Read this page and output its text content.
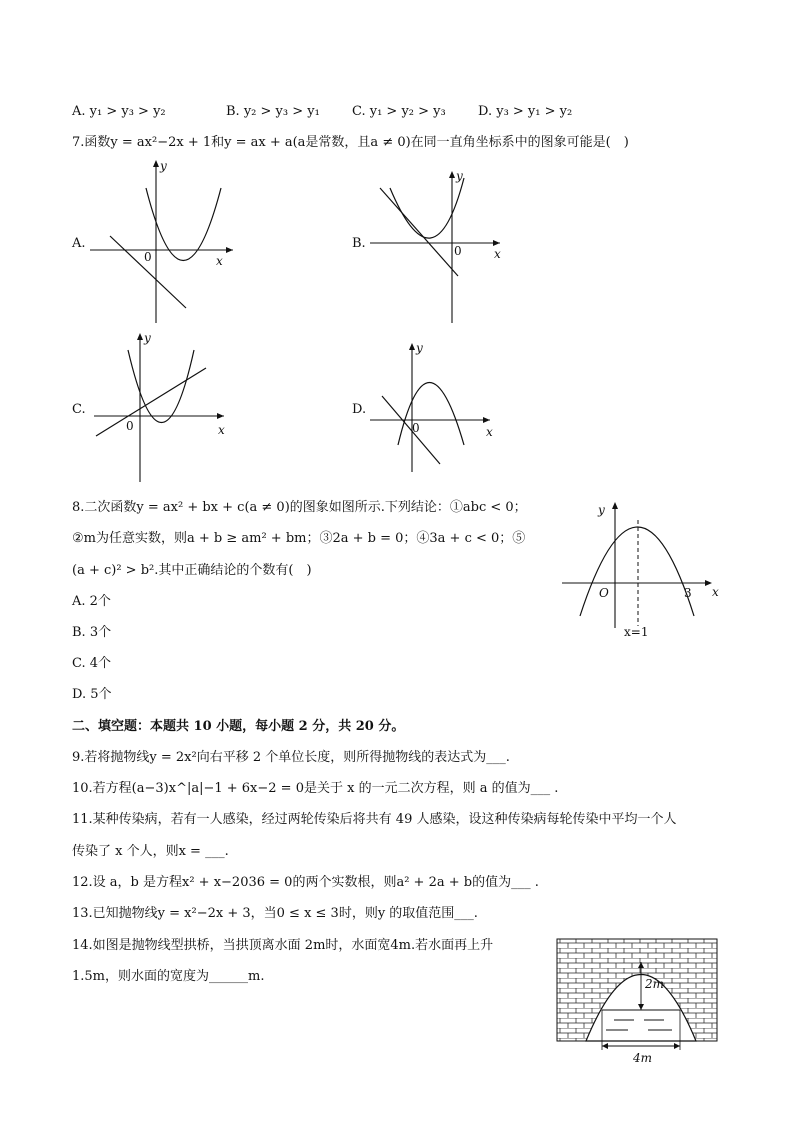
A. y₁ > y₃ > y₂	B. y₂ > y₃ > y₁ C. y₁ > y₂ > y₃ D. y₃ > y₁ > y₂
7.函数y = ax²−2x + 1和y = ax + a(a是常数，且a ≠ 0)在同一直角坐标系中的图象可能是(　)
A.
y
x
0
B.
y
x
0
C.
y
x
0
D.
y
x
0
8.二次函数y = ax² + bx + c(a ≠ 0)的图象如图所示.下列结论：①abc < 0；
②m为任意实数，则a + b ≥ am² + bm；③2a + b = 0；④3a + c < 0；⑤
(a + c)² > b².其中正确结论的个数有(　)
A. 2个
B. 3个
C. 4个
D. 5个
y
x
O	3
x=1
二、填空题：本题共 10 小题，每小题 2 分，共 20 分。
9.若将抛物线y = 2x²向右平移 2 个单位长度，则所得抛物线的表达式为___.
10.若方程(a−3)x^|a|−1 + 6x−2 = 0是关于 x 的一元二次方程，则 a 的值为___ .
11.某种传染病，若有一人感染，经过两轮传染后将共有 49 人感染，设这种传染病每轮传染中平均一个人
传染了 x 个人，则x = ___.
12.设 a，b 是方程x² + x−2036 = 0的两个实数根，则a² + 2a + b的值为___ .
13.已知抛物线y = x²−2x + 3，当0 ≤ x ≤ 3时，则y 的取值范围___.
14.如图是抛物线型拱桥，当拱顶离水面 2m时，水面宽4m.若水面再上升
1.5m，则水面的宽度为______m.	2m
4m
